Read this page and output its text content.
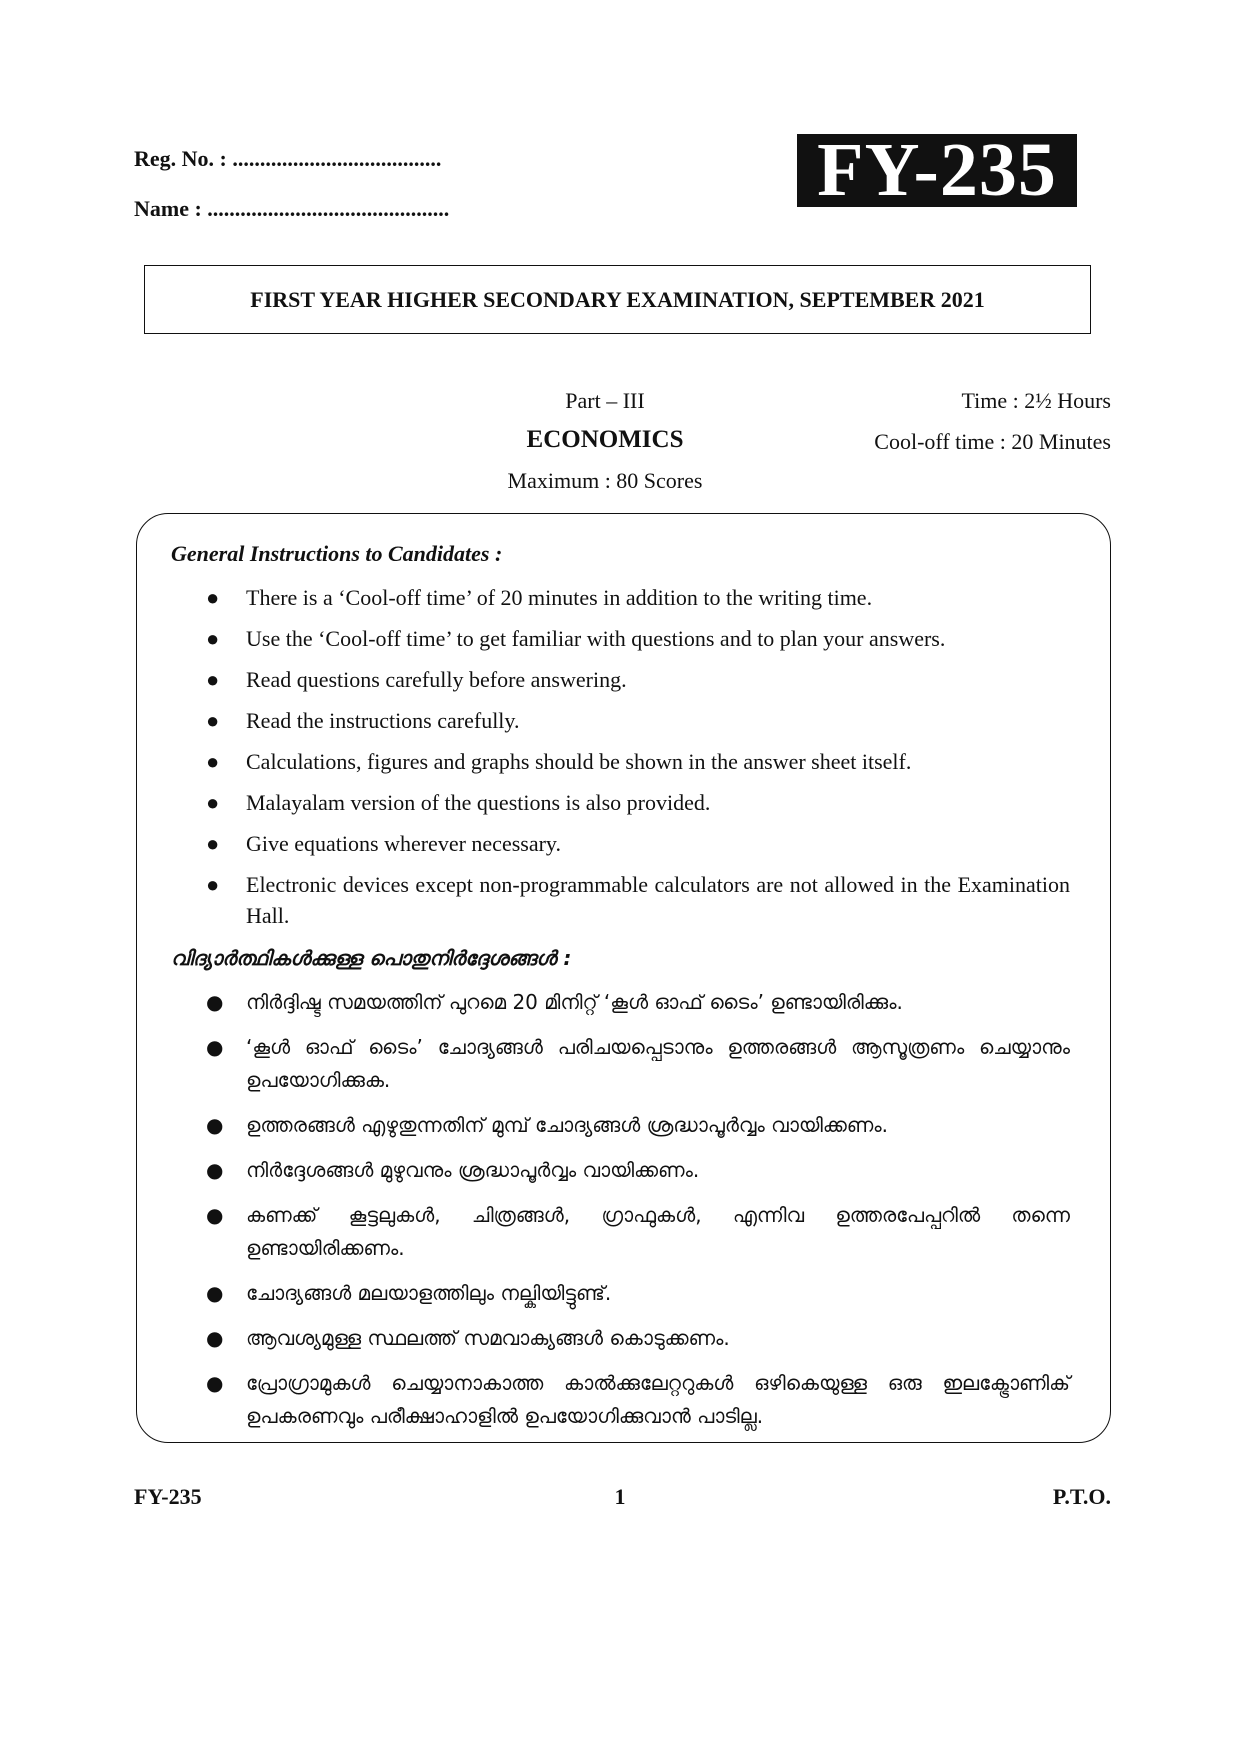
Reg. No. : ......................................
Name : ............................................	FY-235
FIRST YEAR HIGHER SECONDARY EXAMINATION, SEPTEMBER 2021
Part – III
ECONOMICS
Maximum : 80 Scores
Time : 2½ Hours
Cool-off time : 20 Minutes
General Instructions to Candidates :
● There is a ‘Cool-off time’ of 20 minutes in addition to the writing time.
● Use the ‘Cool-off time’ to get familiar with questions and to plan your answers.
● Read questions carefully before answering.
● Read the instructions carefully.
● Calculations, figures and graphs should be shown in the answer sheet itself.
● Malayalam version of the questions is also provided.
● Give equations wherever necessary.
● Electronic devices except non-programmable calculators are not allowed in the Examination Hall.
വിദ്യാർത്ഥികൾക്കുള്ള പൊതുനിർദ്ദേശങ്ങൾ :
● നിർദ്ദിഷ്ട സമയത്തിന് പുറമെ 20 മിനിറ്റ് ‘കൂൾ ഓഫ് ടൈം’ ഉണ്ടായിരിക്കും.
● ‘കൂൾ ഓഫ് ടൈം’ ചോദ്യങ്ങൾ പരിചയപ്പെടാനും ഉത്തരങ്ങൾ ആസൂത്രണം ചെയ്യാനും ഉപയോഗിക്കുക.
● ഉത്തരങ്ങൾ എഴുതുന്നതിന് മുമ്പ് ചോദ്യങ്ങൾ ശ്രദ്ധാപൂർവ്വം വായിക്കണം.
● നിർദ്ദേശങ്ങൾ മുഴുവനും ശ്രദ്ധാപൂർവ്വം വായിക്കണം.
● കണക്ക് കൂട്ടലുകൾ, ചിത്രങ്ങൾ, ഗ്രാഫുകൾ, എന്നിവ ഉത്തരപേപ്പറിൽ തന്നെ ഉണ്ടായിരിക്കണം.
● ചോദ്യങ്ങൾ മലയാളത്തിലും നല്കിയിട്ടുണ്ട്.
● ആവശ്യമുള്ള സ്ഥലത്ത് സമവാക്യങ്ങൾ കൊടുക്കണം.
● പ്രോഗ്രാമുകൾ ചെയ്യാനാകാത്ത കാൽക്കുലേറ്ററുകൾ ഒഴികെയുള്ള ഒരു ഇലക്ട്രോണിക് ഉപകരണവും പരീക്ഷാഹാളിൽ ഉപയോഗിക്കുവാൻ പാടില്ല.
FY-235	1	P.T.O.
